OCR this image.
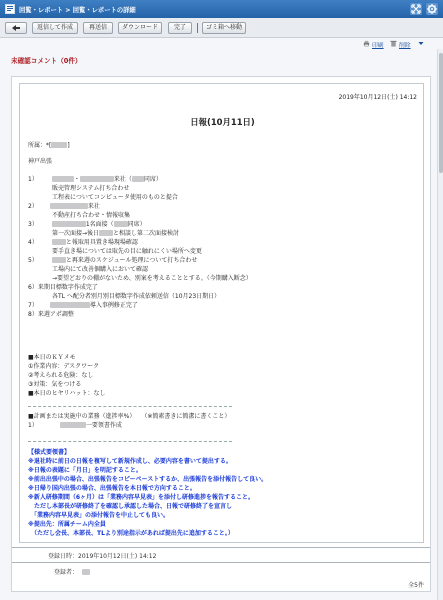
回覧・レポート > 回覧・レポートの詳細
返信して作成	再送信	ダウンロード	完了	ゴミ箱へ移動
印刷	削除
未確認コメント（0件）
2019年10月12日(土) 14:12
日報(10月11日)
所属：*[	]
神戸出張
1）	・	来社（ 同席）
販売管理システム打ち合わせ
工程表についてコンピュータ使用のものと提合
2）	来社
不動産打ち合わせ・情報収集
3）	1名面接（ 同席）
第一次面接→後日 と相談し第二次面接検討
4）	と報取用具置き場現場確認
要手直き場については取先の目に触れにくい場所へ変更
5）	と再来週のスケジュール処理について打ち合わせ
工場内にて改善個購入において確認
→要望どおりの棚がないため、別案を考えることとする。（今期購入断念）
6）来期目標数字作成完了
各TL へ配分者別月別目標数字作成依頼送信（10月23日期日）
7）	導入事例修正完了
8）来週アポ調整
■本日のＫＹメモ
①作業内容：デスクワーク
②考えられる危険：なし
③対策：気をつける
■本日のヒヤリハット：なし
■計画または実施中の業務（進捗率%）　　（※簡素書きに簡潔に書くこと）
1）	一要領書作成
【様式要領書】
※退社時に前日の日報を複写して新規作成し、必要内容を書いて提出する。
※日報の表題に「月日」を明記すること。
※前出出張中の場合、出張報告をコピーペーストするか、出張報告を添付報告して良い。
※日帰り国内出張の場合、出張報告を本日報で方向すること。
※新人研修期間（6ヶ月）は「業務内容早見表」を添付し研修進捗を報告すること。
　ただし本部長が研修終了を確認し承認した場合、日報で研修終了を宣言し
　「業務内容早見表」の添付報告を中止しても良い。
※提出先：所属チーム内全員
　（ただし会長、本部長、TLより別途指示があれば提出先に追加すること。）
登録日時：2019年10月12日(土) 14:12
登録者：
全5件
